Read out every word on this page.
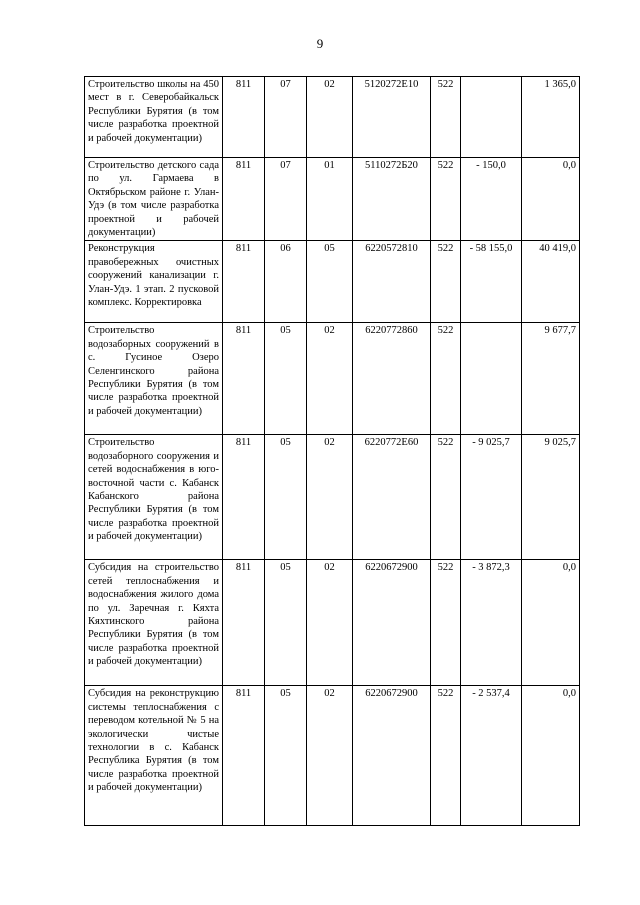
9
Строительство школы на 450 мест в г. Северобайкальск Республики Бурятия (в том числе разработка проектной и рабочей документации)	811	07	02	5120272Е10	522		1 365,0
Строительство детского сада по ул. Гармаева в Октябрьском районе г. Улан-Удэ (в том числе разработка проектной и рабочей документации)	811	07	01	5110272Б20	522	- 150,0	0,0
Реконструкция правобережных очистных сооружений канализации г. Улан-Удэ. 1 этап. 2 пусковой комплекс. Корректировка	811	06	05	6220572810	522	- 58 155,0	40 419,0
Строительство водозаборных сооружений в с. Гусиное Озеро Селенгинского района Республики Бурятия (в том числе разработка проектной и рабочей документации)	811	05	02	6220772860	522		9 677,7
Строительство водозаборного сооружения и сетей водоснабжения в юго-восточной части с. Кабанск Кабанского района Республики Бурятия (в том числе разработка проектной и рабочей документации)	811	05	02	6220772Е60	522	- 9 025,7	9 025,7
Субсидия на строительство сетей теплоснабжения и водоснабжения жилого дома по ул. Заречная г. Кяхта Кяхтинского района Республики Бурятия (в том числе разработка проектной и рабочей документации)	811	05	02	6220672900	522	- 3 872,3	0,0
Субсидия на реконструкцию системы теплоснабжения с переводом котельной № 5 на экологически чистые технологии в с. Кабанск Республика Бурятия (в том числе разработка проектной и рабочей документации)	811	05	02	6220672900	522	- 2 537,4	0,0
